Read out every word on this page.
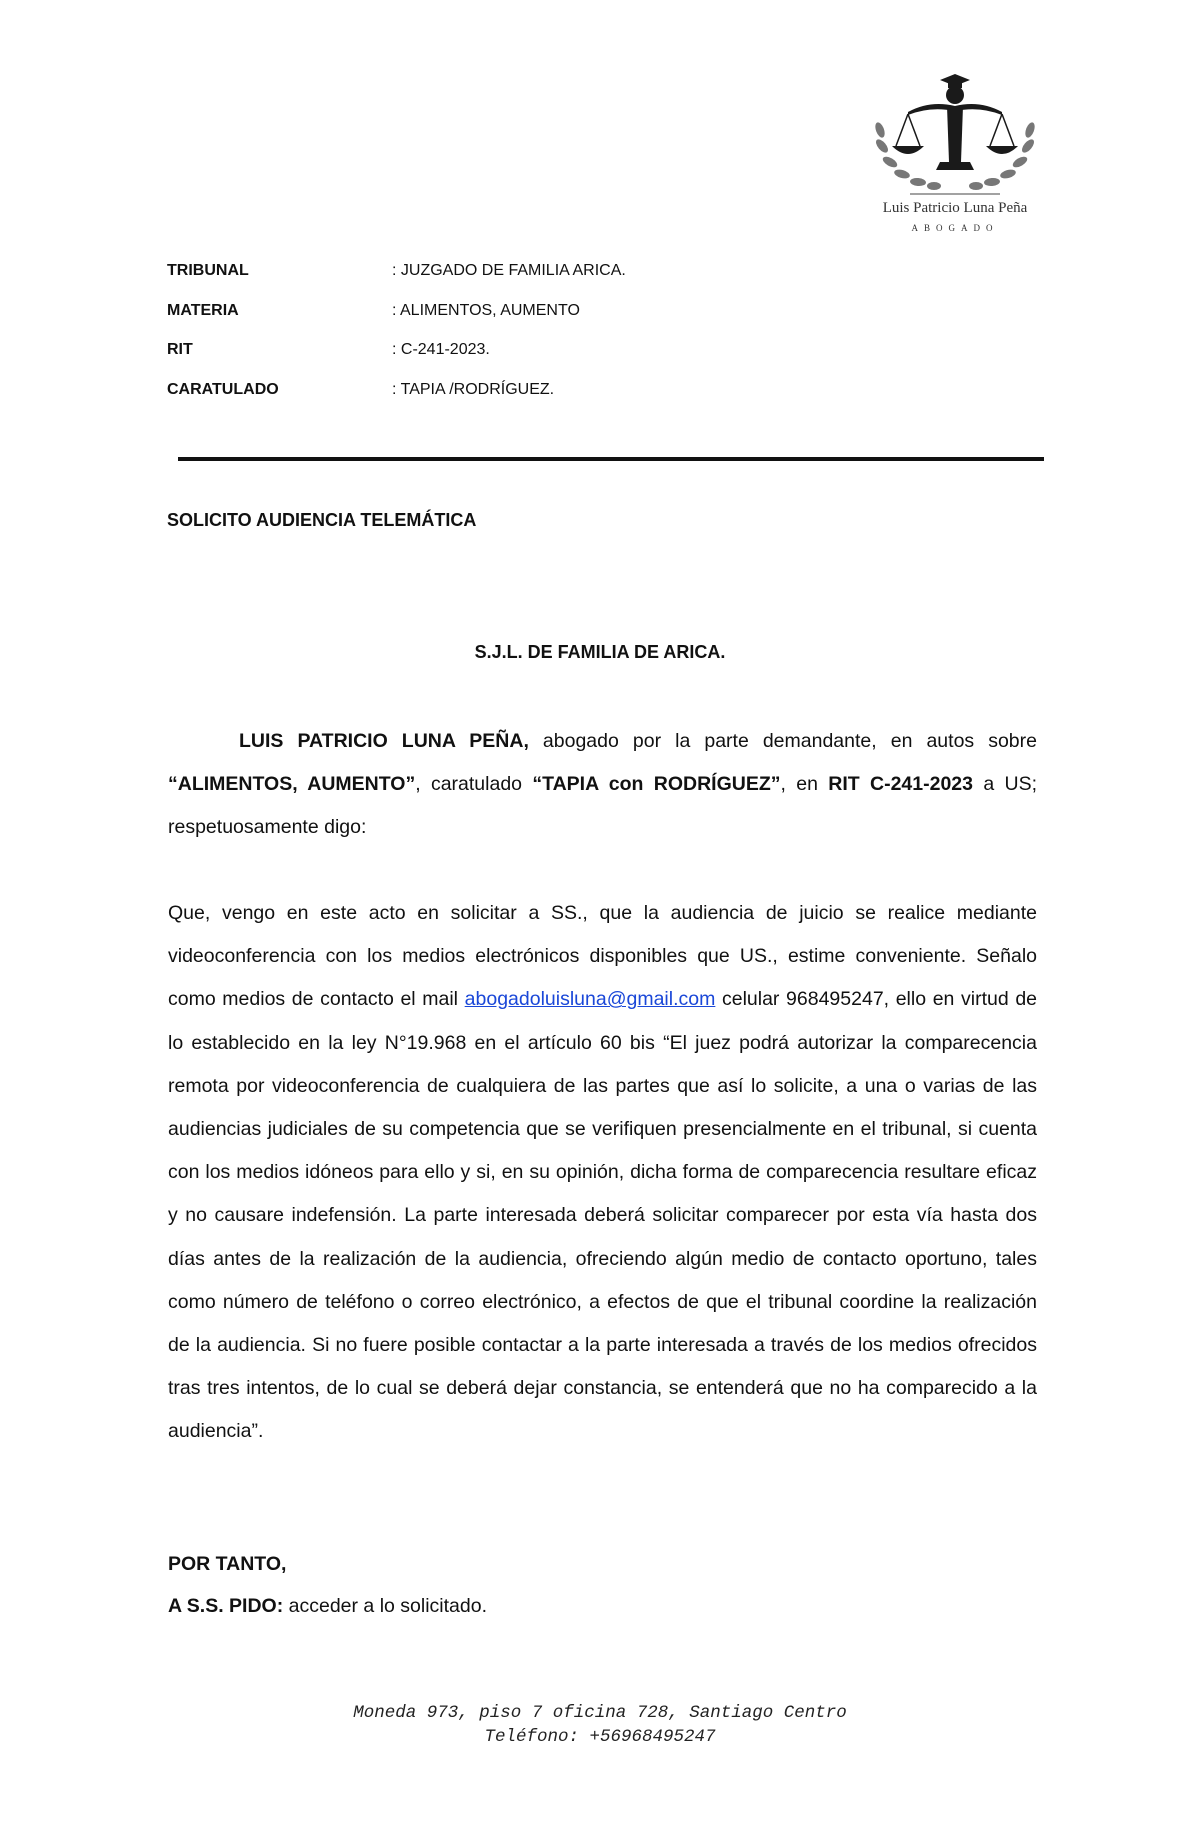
Luis Patricio Luna Peña
ABOGADO
TRIBUNAL	: JUZGADO DE FAMILIA ARICA.
MATERIA	: ALIMENTOS, AUMENTO
RIT	: C-241-2023.
CARATULADO	: TAPIA /RODRÍGUEZ.
SOLICITO AUDIENCIA TELEMÁTICA
S.J.L. DE FAMILIA DE ARICA.
LUIS PATRICIO LUNA PEÑA, abogado por la parte demandante, en autos sobre “ALIMENTOS, AUMENTO”, caratulado “TAPIA con RODRÍGUEZ”, en RIT C-241-2023 a US; respetuosamente digo:
Que, vengo en este acto en solicitar a SS., que la audiencia de juicio se realice mediante videoconferencia con los medios electrónicos disponibles que US., estime conveniente. Señalo como medios de contacto el mail abogadoluisluna@gmail.com celular 968495247, ello en virtud de lo establecido en la ley N°19.968 en el artículo 60 bis “El juez podrá autorizar la comparecencia remota por videoconferencia de cualquiera de las partes que así lo solicite, a una o varias de las audiencias judiciales de su competencia que se verifiquen presencialmente en el tribunal, si cuenta con los medios idóneos para ello y si, en su opinión, dicha forma de comparecencia resultare eficaz y no causare indefensión. La parte interesada deberá solicitar comparecer por esta vía hasta dos días antes de la realización de la audiencia, ofreciendo algún medio de contacto oportuno, tales como número de teléfono o correo electrónico, a efectos de que el tribunal coordine la realización de la audiencia. Si no fuere posible contactar a la parte interesada a través de los medios ofrecidos tras tres intentos, de lo cual se deberá dejar constancia, se entenderá que no ha comparecido a la audiencia”.
POR TANTO,
A S.S. PIDO: acceder a lo solicitado.
Moneda 973, piso 7 oficina 728, Santiago Centro
Teléfono: +56968495247
